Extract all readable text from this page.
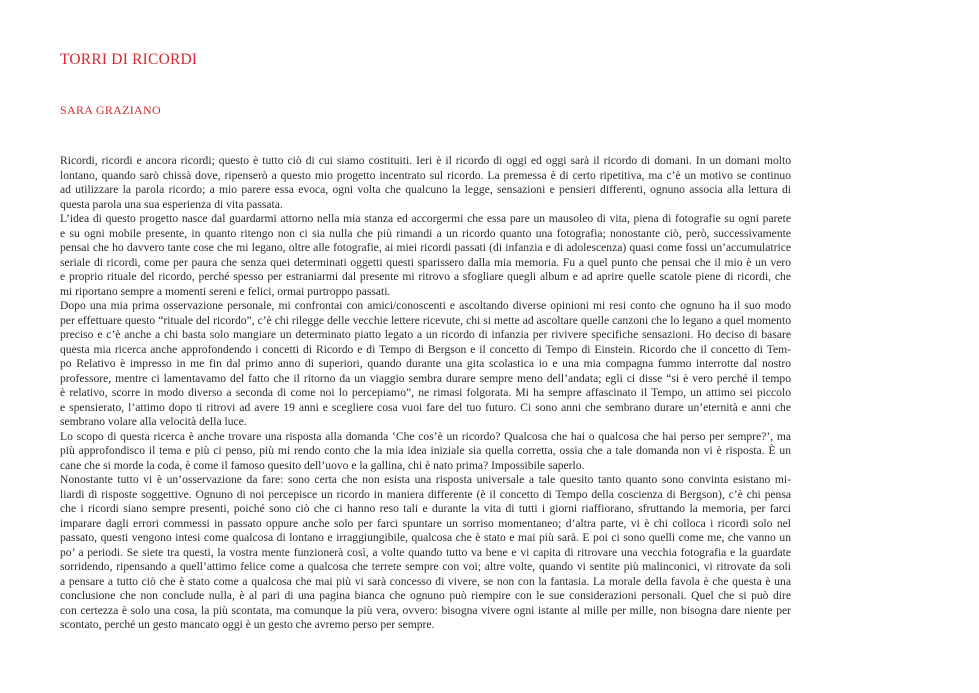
TORRI DI RICORDI
SARA GRAZIANO
Ricordi, ricordi e ancora ricordi; questo è tutto ciò di cui siamo costituiti. Ieri è il ricordo di oggi ed oggi sarà il ricordo di domani. In un domani molto
lontano, quando sarò chissà dove, ripenserò a questo mio progetto incentrato sul ricordo. La premessa è di certo ripetitiva, ma c’è un motivo se continuo
ad utilizzare la parola ricordo; a mio parere essa evoca, ogni volta che qualcuno la legge, sensazioni e pensieri differenti, ognuno associa alla lettura di
questa parola una sua esperienza di vita passata.
L’idea di questo progetto nasce dal guardarmi attorno nella mia stanza ed accorgermi che essa pare un mausoleo di vita, piena di fotografie su ogni parete
e su ogni mobile presente, in quanto ritengo non ci sia nulla che più rimandi a un ricordo quanto una fotografia; nonostante ciò, però, successivamente
pensai che ho davvero tante cose che mi legano, oltre alle fotografie, ai miei ricordi passati (di infanzia e di adolescenza) quasi come fossi un’accumulatrice
seriale di ricordi, come per paura che senza quei determinati oggetti questi sparissero dalla mia memoria. Fu a quel punto che pensai che il mio è un vero
e proprio rituale del ricordo, perché spesso per estraniarmi dal presente mi ritrovo a sfogliare quegli album e ad aprire quelle scatole piene di ricordi, che
mi riportano sempre a momenti sereni e felici, ormai purtroppo passati.
Dopo una mia prima osservazione personale, mi confrontai con amici/conoscenti e ascoltando diverse opinioni mi resi conto che ognuno ha il suo modo
per effettuare questo “rituale del ricordo”, c’è chi rilegge delle vecchie lettere ricevute, chi si mette ad ascoltare quelle canzoni che lo legano a quel momento
preciso e c’è anche a chi basta solo mangiare un determinato piatto legato a un ricordo di infanzia per rivivere specifiche sensazioni. Ho deciso di basare
questa mia ricerca anche approfondendo i concetti di Ricordo e di Tempo di Bergson e il concetto di Tempo di Einstein. Ricordo che il concetto di Tem-
po Relativo è impresso in me fin dal primo anno di superiori, quando durante una gita scolastica io e una mia compagna fummo interrotte dal nostro
professore, mentre ci lamentavamo del fatto che il ritorno da un viaggio sembra durare sempre meno dell’andata; egli ci disse “si è vero perché il tempo
è relativo, scorre in modo diverso a seconda di come noi lo percepiamo”, ne rimasi folgorata. Mi ha sempre affascinato il Tempo, un attimo sei piccolo
e spensierato, l’attimo dopo ti ritrovi ad avere 19 anni e scegliere cosa vuoi fare del tuo futuro. Ci sono anni che sembrano durare un’eternità e anni che
sembrano volare alla velocità della luce.
Lo scopo di questa ricerca è anche trovare una risposta alla domanda ‘Che cos’è un ricordo? Qualcosa che hai o qualcosa che hai perso per sempre?’, ma
più approfondisco il tema e più ci penso, più mi rendo conto che la mia idea iniziale sia quella corretta, ossia che a tale domanda non vi è risposta. È un
cane che si morde la coda, è come il famoso quesito dell’uovo e la gallina, chi è nato prima? Impossibile saperlo.
Nonostante tutto vi è un’osservazione da fare: sono certa che non esista una risposta universale a tale quesito tanto quanto sono convinta esistano mi-
liardi di risposte soggettive. Ognuno di noi percepisce un ricordo in maniera differente (è il concetto di Tempo della coscienza di Bergson), c’è chi pensa
che i ricordi siano sempre presenti, poiché sono ciò che ci hanno reso tali e durante la vita di tutti i giorni riaffiorano, sfruttando la memoria, per farci
imparare dagli errori commessi in passato oppure anche solo per farci spuntare un sorriso momentaneo; d’altra parte, vi è chi colloca i ricordi solo nel
passato, questi vengono intesi come qualcosa di lontano e irraggiungibile, qualcosa che è stato e mai più sarà. E poi ci sono quelli come me, che vanno un
po’ a periodi. Se siete tra questi, la vostra mente funzionerà così, a volte quando tutto va bene e vi capita di ritrovare una vecchia fotografia e la guardate
sorridendo, ripensando a quell’attimo felice come a qualcosa che terrete sempre con voi; altre volte, quando vi sentite più malinconici, vi ritrovate da soli
a pensare a tutto ciò che è stato come a qualcosa che mai più vi sarà concesso di vivere, se non con la fantasia. La morale della favola è che questa è una
conclusione che non conclude nulla, è al pari di una pagina bianca che ognuno può riempire con le sue considerazioni personali. Quel che si può dire
con certezza è solo una cosa, la più scontata, ma comunque la più vera, ovvero: bisogna vivere ogni istante al mille per mille, non bisogna dare niente per
scontato, perché un gesto mancato oggi è un gesto che avremo perso per sempre.
